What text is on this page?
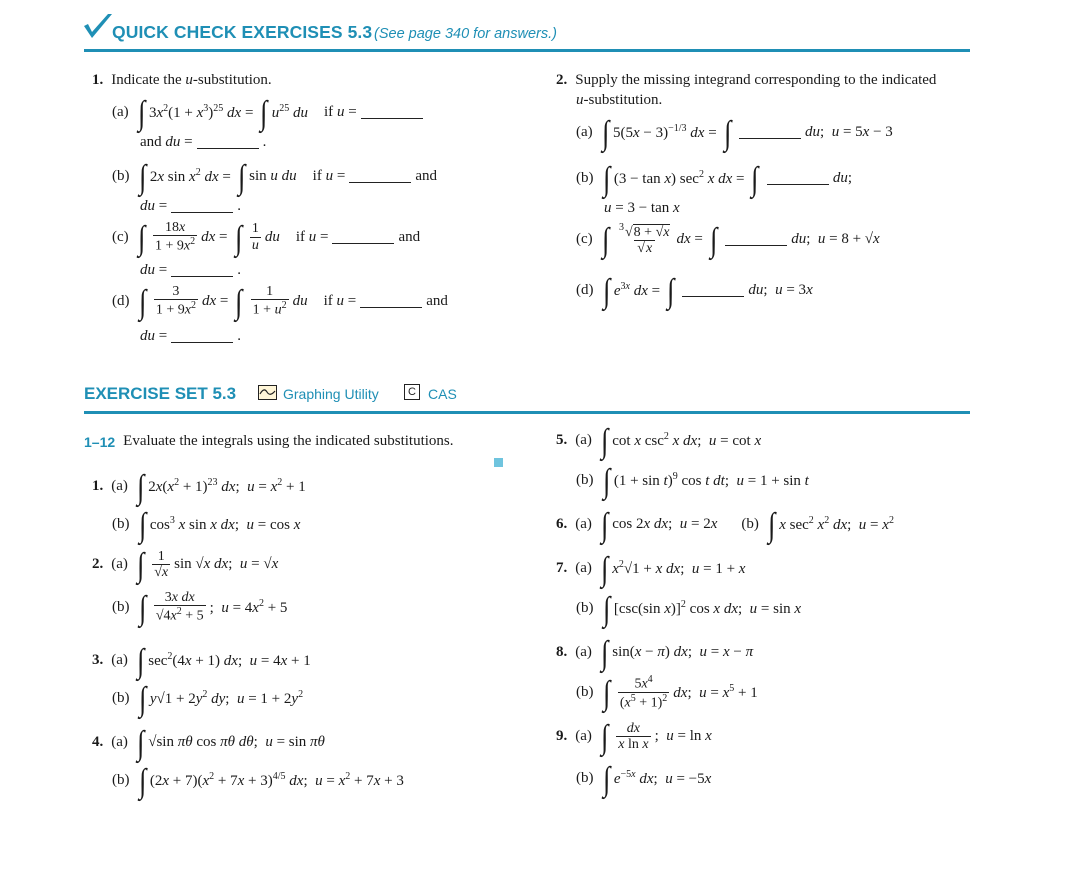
QUICK CHECK EXERCISES 5.3 (See page 340 for answers.)
1. Indicate the u-substitution.
(a) ∫ $3x^2(1 + x^3)^{25}$ dx = ∫ $u^{25}$ du if u =
and du =	.
(b) ∫ 2x $\sin x^2$ dx = ∫ sin u du if u =	and
du =	.
(c) ∫ $\frac{18x}{1 + 9x^2}$ dx = ∫ $\frac{1}{u}$ du if u =	and
du =	.
(d) ∫ $\frac{3}{1 + 9x^2}$ dx = ∫ $\frac{1}{1 + u^2}$ du if u =	and
du =	.
2. Supply the missing integrand corresponding to the indicated
u-substitution.
(a) ∫ $5(5x - 3)^{-1/3}$ dx = ∫	du;  u = 5x − 3
(b) ∫ (3 − tan x) $\sec^2 x$ dx = ∫	du;
u = 3 − tan x
(c) ∫ $\frac{^3√8 + √x}{√x}$ dx = ∫	du;  u = 8 + √x
(d) ∫ $e^{3x}$ dx = ∫	du;  u = 3x
EXERCISE SET 5.3	Graphing Utility	C CAS
1–12 Evaluate the integrals using the indicated substitutions.
1. (a) ∫ $2x(x^2 + 1)^{23}$ dx;  $u = x^2 + 1$
(b) ∫ $\cos^3 x$ sin x dx;  u = cos x
2. (a) ∫ $\frac{1}{√x}$ sin √x dx;  u = √x
(b) ∫ $\frac{\text{3x dx}}{√4x^2 + 5}$ ;  $u = 4x^2 + 5$
3. (a) ∫ $\sec^2(4x + 1)$ dx;  u = 4x + 1
(b) ∫ $y√1 + 2y^2$ dy;  $u = 1 + 2y^2$
4. (a) ∫ √sin πθ cos πθ dθ;  u = sin πθ
(b) ∫ $(2x + 7)(x^2 + 7x + 3)^{4/5}$ dx;  $u = x^2 + 7x + 3$
5. (a) ∫ cot x $\csc^2 x$ dx;  u = cot x
(b) ∫ $(1 + \sin t)^9$ cos t dt;  u = 1 + sin t
6. (a) ∫ cos 2x dx;  u = 2x (b) ∫ x $\sec^2 x^2$ dx;  $u = x^2$
7. (a) ∫ $x^2√1 + x$ dx;  u = 1 + x
(b) ∫ [csc(sin x)]$^2$ cos x dx;  u = sin x
8. (a) ∫ sin(x − π) dx;  u = x − π
(b) ∫ $\frac{5x^4}{(x^5 + 1)^2}$ dx;  $u = x^5 + 1$
9. (a) ∫ $\frac{dx}{\text{x ln x}}$ ;  u = ln x
(b) ∫ $e^{-5x}$ dx;  u = −5x
